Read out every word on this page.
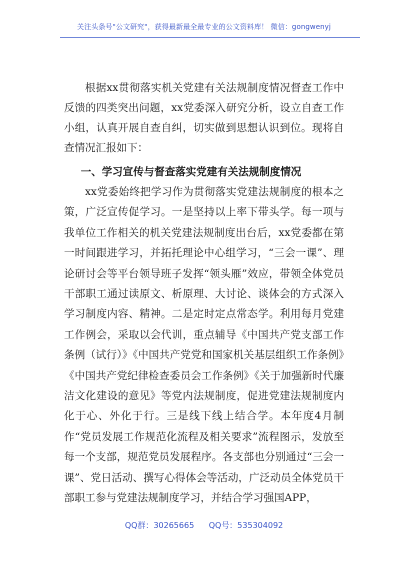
关注头条号"公文研究"，获得最新最全最专业的公文资料库！ 微信：gongwenyj

根据xx贯彻落实机关党建有关法规制度情况督查工作中反馈的四类突出问题，xx党委深入研究分析，设立自查工作小组，认真开展自查自纠，切实做到思想认识到位。现将自查情况汇报如下：

一、学习宣传与督查落实党建有关法规制度情况

xx党委始终把学习作为贯彻落实党建法规制度的根本之策，广泛宣传促学习。一是坚持以上率下带头学。每一项与我单位工作相关的机关党建法规制度出台后，xx党委都在第一时间跟进学习，并拓托理论中心组学习，“三会一课”、理论研讨会等平台领导班子发挥“领头雁”效应，带领全体党员干部职工通过读原文、析原理、大讨论、谈体会的方式深入学习制度内容、精神。二是定时定点常态学。利用每月党建工作例会，采取以会代训，重点辅导《中国共产党支部工作条例（试行）》《中国共产党党和国家机关基层组织工作条例》《中国共产党纪律检查委员会工作条例》《关于加强新时代廉洁文化建设的意见》等党内法规制度，促进党建法规制度内化于心、外化于行。三是线下线上结合学。本年度4月制作“党员发展工作规范化流程及相关要求”流程图示，发放至每一个支部，规范党员发展程序。各支部也分别通过“三会一课”、党日活动、撰写心得体会等活动，广泛动员全体党员干部职工参与党建法规制度学习，并结合学习强国APP，

QQ群：30265665 QQ号：535304092
